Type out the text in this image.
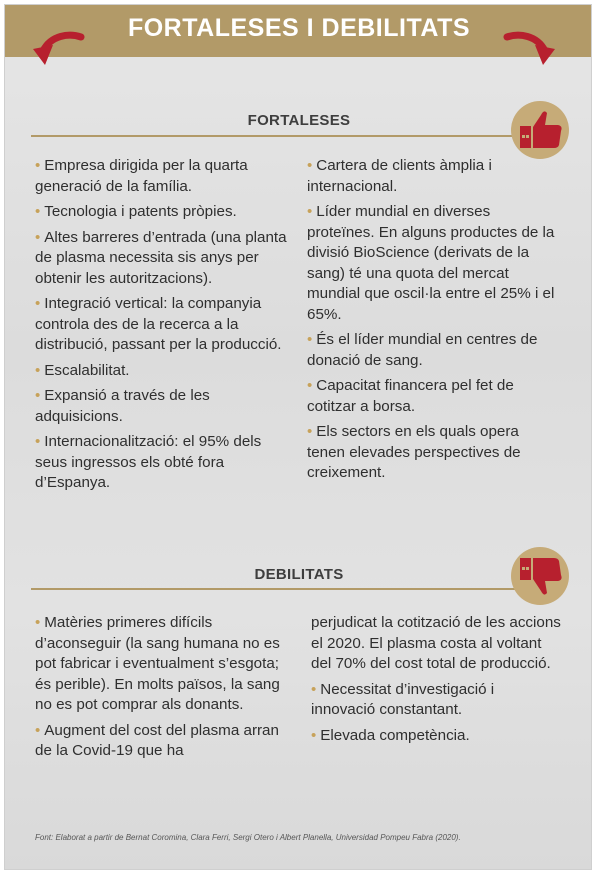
FORTALESES I DEBILITATS
FORTALESES
• Empresa dirigida per la quarta generació de la família.
• Tecnologia i patents pròpies.
• Altes barreres d’entrada (una planta de plasma necessita sis anys per obtenir les autoritzacions).
• Integració vertical: la companyia controla des de la recerca a la distribució, passant per la producció.
• Escalabilitat.
• Expansió a través de les adquisicions.
• Internacionalització: el 95% dels seus ingressos els obté fora d’Espanya.
• Cartera de clients àmplia i internacional.
• Líder mundial en diverses proteïnes. En alguns productes de la divisió BioScience (derivats de la sang) té una quota del mercat mundial que oscil·la entre el 25% i el 65%.
• És el líder mundial en centres de donació de sang.
• Capacitat financera pel fet de cotitzar a borsa.
• Els sectors en els quals opera tenen elevades perspectives de creixement.
DEBILITATS
• Matèries primeres difícils d’aconseguir (la sang humana no es pot fabricar i eventualment s’esgota; és perible). En molts països, la sang no es pot comprar als donants.
• Augment del cost del plasma arran de la Covid-19 que ha
perjudicat la cotització de les accions el 2020. El plasma costa al voltant del 70% del cost total de producció.
• Necessitat d’investigació i innovació constantant.
• Elevada competència.
Font: Elaborat a partir de Bernat Coromina, Clara Ferri, Sergi Otero i Albert Planella, Universidad Pompeu Fabra (2020).
